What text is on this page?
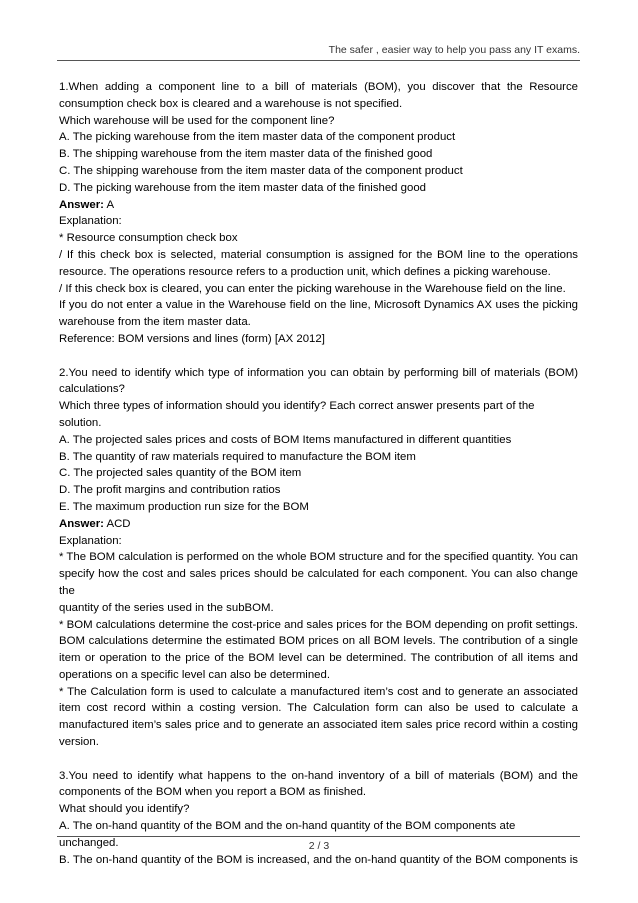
The safer , easier way to help you pass any IT exams.

1.When adding a component line to a bill of materials (BOM), you discover that the Resource

consumption check box is cleared and a warehouse is not specified.

Which warehouse will be used for the component line?

A. The picking warehouse from the item master data of the component product

B. The shipping warehouse from the item master data of the finished good

C. The shipping warehouse from the item master data of the component product

D. The picking warehouse from the item master data of the finished good

Answer: A

Explanation:

* Resource consumption check box

/ If this check box is selected, material consumption is assigned for the BOM line to the operations

resource. The operations resource refers to a production unit, which defines a picking warehouse.

/ If this check box is cleared, you can enter the picking warehouse in the Warehouse field on the line.

If you do not enter a value in the Warehouse field on the line, Microsoft Dynamics AX uses the picking

warehouse from the item master data.

Reference: BOM versions and lines (form) [AX 2012]

2.You need to identify which type of information you can obtain by performing bill of materials (BOM)

calculations?

Which three types of information should you identify? Each correct answer presents part of the solution.

A. The projected sales prices and costs of BOM Items manufactured in different quantities

B. The quantity of raw materials required to manufacture the BOM item

C. The projected sales quantity of the BOM item

D. The profit margins and contribution ratios

E. The maximum production run size for the BOM

Answer: ACD

Explanation:

* The BOM calculation is performed on the whole BOM structure and for the specified quantity. You can

specify how the cost and sales prices should be calculated for each component. You can also change the

quantity of the series used in the subBOM.

* BOM calculations determine the cost-price and sales prices for the BOM depending on profit settings.

BOM calculations determine the estimated BOM prices on all BOM levels. The contribution of a single

item or operation to the price of the BOM level can be determined. The contribution of all items and

operations on a specific level can also be determined.

* The Calculation form is used to calculate a manufactured item’s cost and to generate an associated

item cost record within a costing version. The Calculation form can also be used to calculate a

manufactured item’s sales price and to generate an associated item sales price record within a costing

version.

3.You need to identify what happens to the on-hand inventory of a bill of materials (BOM) and the

components of the BOM when you report a BOM as finished.

What should you identify?

A. The on-hand quantity of the BOM and the on-hand quantity of the BOM components ate unchanged.

B. The on-hand quantity of the BOM is increased, and the on-hand quantity of the BOM components is

2 / 3
